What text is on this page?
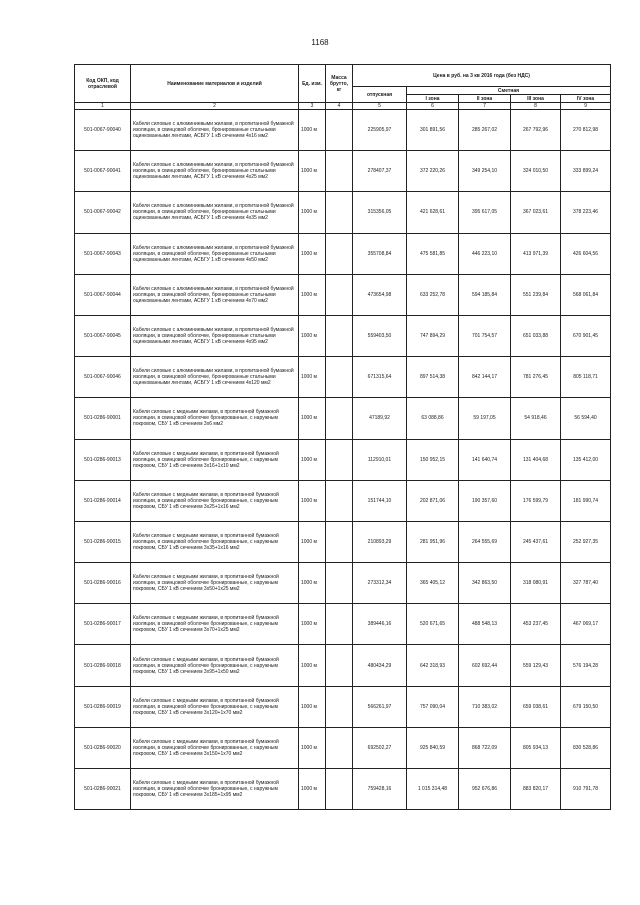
1168
Код ОКП, код отраслевой	Наименование материалов и изделий	Ед. изм.	Масса брутто, кг	Цена в руб. на 3 кв 2016 года (без НДС)				
				отпускная	Сметная			
					I зона	II зона	III зона	IV зона
1	2	3	4	5	6	7	8	9
501-0067-90040	Кабели силовые с алюминиевыми жилами, в пропитанной бумажной изоляции, в свинцовой оболочке, бронированные стальными оцинкованными лентами, АСБГУ 1 кВ сечением 4х16 мм2	1000 м		225905,97	301 891,56	285 267,02	267 792,96	270 812,98
501-0067-90041	Кабели силовые с алюминиевыми жилами, в пропитанной бумажной изоляции, в свинцовой оболочке, бронированные стальными оцинкованными лентами, АСБГУ 1 кВ сечением 4х25 мм2	1000 м		278407,37	372 220,26	349 254,10	324 010,50	333 899,24
501-0067-90042	Кабели силовые с алюминиевыми жилами, в пропитанной бумажной изоляции, в свинцовой оболочке, бронированные стальными оцинкованными лентами, АСБГУ 1 кВ сечением 4х35 мм2	1000 м		315356,05	421 628,61	395 617,05	367 023,61	378 223,46
501-0067-90043	Кабели силовые с алюминиевыми жилами, в пропитанной бумажной изоляции, в свинцовой оболочке, бронированные стальными оцинкованными лентами, АСБГУ 1 кВ сечением 4х50 мм2	1000 м		355708,84	475 581,85	446 223,10	413 971,39	426 604,56
501-0067-90044	Кабели силовые с алюминиевыми жилами, в пропитанной бумажной изоляции, в свинцовой оболочке, бронированные стальными оцинкованными лентами, АСБГУ 1 кВ сечением 4х70 мм2	1000 м		473654,98	633 252,78	594 185,84	551 239,84	568 061,84
501-0067-90045	Кабели силовые с алюминиевыми жилами, в пропитанной бумажной изоляции, в свинцовой оболочке, бронированные стальными оцинкованными лентами, АСБГУ 1 кВ сечением 4х95 мм2	1000 м		559403,50	747 894,29	701 754,57	651 033,88	670 901,45
501-0067-90046	Кабели силовые с алюминиевыми жилами, в пропитанной бумажной изоляции, в свинцовой оболочке, бронированные стальными оцинкованными лентами, АСБГУ 1 кВ сечением 4х120 мм2	1000 м		671315,64	897 514,38	842 144,17	781 276,45	805 118,71
501-0286-90001	Кабели силовые с медными жилами, в пропитанной бумажной изоляции, в свинцовой оболочке бронированные, с наружным покровом, СБУ 1 кВ сечением 3х6 мм2	1000 м		47189,92	63 088,86	59 197,05	54 918,46	56 594,40
501-0286-90013	Кабели силовые с медными жилами, в пропитанной бумажной изоляции, в свинцовой оболочке бронированные, с наружным покровом, СБУ 1 кВ сечением 3х16+1х10 мм2	1000 м		112910,01	150 952,15	141 640,74	131 404,68	135 412,00
501-0286-90014	Кабели силовые с медными жилами, в пропитанной бумажной изоляции, в свинцовой оболочке бронированные, с наружным покровом, СБУ 1 кВ сечением 3х25+1х16 мм2	1000 м		151744,10	202 871,06	190 357,60	176 599,79	181 990,74
501-0286-90015	Кабели силовые с медными жилами, в пропитанной бумажной изоляции, в свинцовой оболочке бронированные, с наружным покровом, СБУ 1 кВ сечением 3х35+1х16 мм2	1000 м		210893,29	281 951,96	264 555,69	245 437,61	252 927,35
501-0286-90016	Кабели силовые с медными жилами, в пропитанной бумажной изоляции, в свинцовой оболочке бронированные, с наружным покровом, СБУ 1 кВ сечением 3х50+1х25 мм2	1000 м		273312,34	365 405,12	342 863,50	318 080,91	327 787,40
501-0286-90017	Кабели силовые с медными жилами, в пропитанной бумажной изоляции, в свинцовой оболочке бронированные, с наружным покровом, СБУ 1 кВ сечением 3х70+1х25 мм2	1000 м		389446,16	520 671,65	488 548,13	453 237,45	467 069,17
501-0286-90018	Кабели силовые с медными жилами, в пропитанной бумажной изоляции, в свинцовой оболочке бронированные, с наружным покровом, СБУ 1 кВ сечением 3х95+1х50 мм2	1000 м		480434,29	642 318,93	602 692,44	559 129,43	576 194,28
501-0286-90019	Кабели силовые с медными жилами, в пропитанной бумажной изоляции, в свинцовой оболочке бронированные, с наружным покровом, СБУ 1 кВ сечением 3х120+1х70 мм2	1000 м		566261,97	757 090,04	710 383,02	659 038,61	679 150,50
501-0286-90020	Кабели силовые с медными жилами, в пропитанной бумажной изоляции, в свинцовой оболочке бронированные, с наружным покровом, СБУ 1 кВ сечением 3х150+1х70 мм2	1000 м		692502,27	925 840,59	868 722,09	805 934,13	830 528,86
501-0286-90021	Кабели силовые с медными жилами, в пропитанной бумажной изоляции, в свинцовой оболочке бронированные, с наружным покровом, СБУ 1 кВ сечением 3х185+1х95 мм2	1000 м		759428,16	1 015 314,48	952 676,86	883 820,17	910 791,78
